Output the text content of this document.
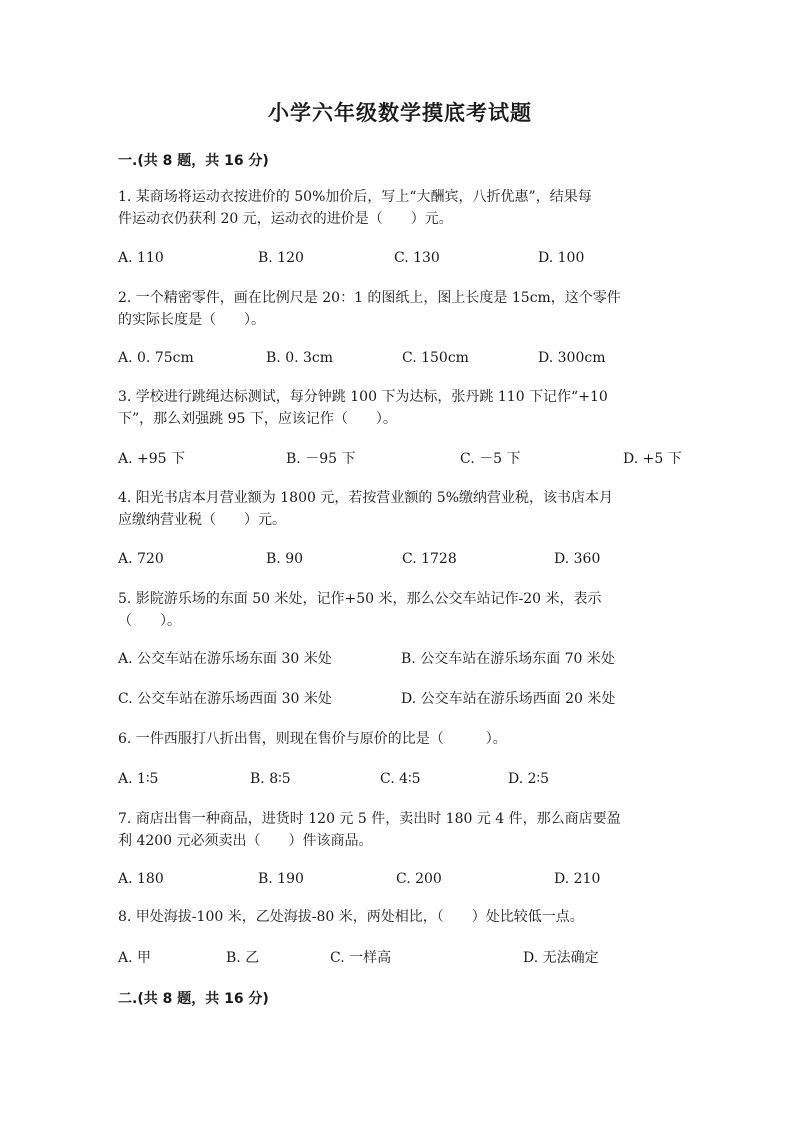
小学六年级数学摸底考试题
一.(共 8 题，共 16 分)
1. 某商场将运动衣按进价的 50%加价后，写上“大酬宾，八折优惠”，结果每
件运动衣仍获利 20 元，运动衣的进价是（　　）元。
A. 110	B. 120	C. 130	D. 100
2. 一个精密零件，画在比例尺是 20：1 的图纸上，图上长度是 15cm，这个零件
的实际长度是（　　）。
A. 0. 75cm	B. 0. 3cm	C. 150cm	D. 300cm
3. 学校进行跳绳达标测试，每分钟跳 100 下为达标，张丹跳 110 下记作“+10
下”，那么刘强跳 95 下，应该记作（　　）。
A. +95 下	B. －95 下	C. －5 下	D. +5 下
4. 阳光书店本月营业额为 1800 元，若按营业额的 5%缴纳营业税，该书店本月
应缴纳营业税（　　）元。
A. 720	B. 90	C. 1728	D. 360
5. 影院游乐场的东面 50 米处，记作+50 米，那么公交车站记作-20 米，表示
（　　）。
A. 公交车站在游乐场东面 30 米处	B. 公交车站在游乐场东面 70 米处
C. 公交车站在游乐场西面 30 米处	D. 公交车站在游乐场西面 20 米处
6. 一件西服打八折出售，则现在售价与原价的比是（　　　）。
A. 1∶5	B. 8∶5	C. 4∶5	D. 2∶5
7. 商店出售一种商品，进货时 120 元 5 件，卖出时 180 元 4 件，那么商店要盈
利 4200 元必须卖出（　　）件该商品。
A. 180	B. 190	C. 200	D. 210
8. 甲处海拔-100 米，乙处海拔-80 米，两处相比，（　　）处比较低一点。
A. 甲	B. 乙	C. 一样高	D. 无法确定
二.(共 8 题，共 16 分)
